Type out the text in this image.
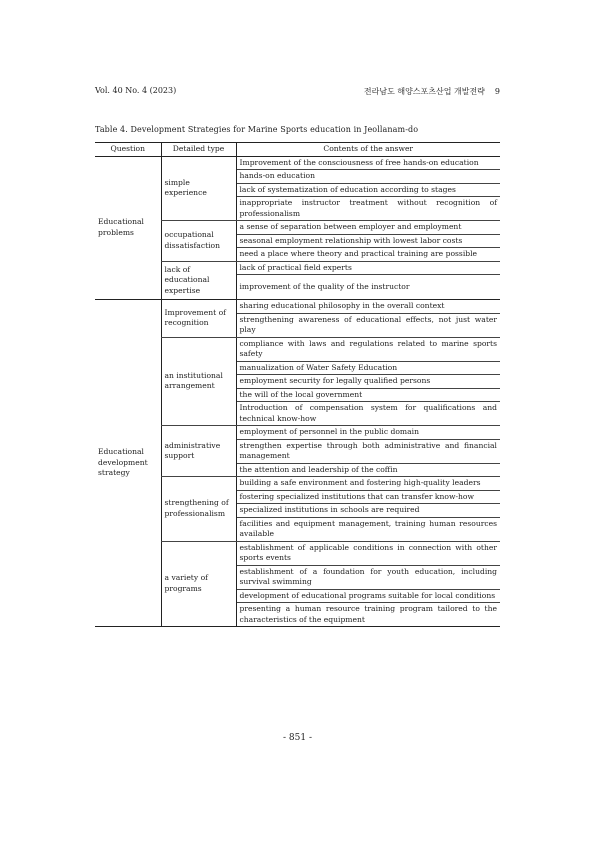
Vol. 40 No. 4 (2023)	전라남도 해양스포츠산업 개발전략 9
Table 4. Development Strategies for Marine Sports education in Jeollanam-do
Question	Detailed type	Contents of the answer
Educational problems	simple experience	Improvement of the consciousness of free hands-on education
		hands-on education
		lack of systematization of education according to stages
		inappropriate instructor treatment without recognition of professionalism
	occupational dissatisfaction	a sense of separation between employer and employment
		seasonal employment relationship with lowest labor costs
		need a place where theory and practical training are possible
	lack of educational expertise	lack of practical field experts
		improvement of the quality of the instructor
Educational development strategy	Improvement of recognition	sharing educational philosophy in the overall context
		strengthening awareness of educational effects, not just water play
	an institutional arrangement	compliance with laws and regulations related to marine sports safety
		manualization of Water Safety Education
		employment security for legally qualified persons
		the will of the local government
		Introduction of compensation system for qualifications and technical know-how
	administrative support	employment of personnel in the public domain
		strengthen expertise through both administrative and financial management
		the attention and leadership of the coffin
	strengthening of professionalism	building a safe environment and fostering high-quality leaders
		fostering specialized institutions that can transfer know-how
		specialized institutions in schools are required
		facilities and equipment management, training human resources available
	a variety of programs	establishment of applicable conditions in connection with other sports events
		establishment of a foundation for youth education, including survival swimming
		development of educational programs suitable for local conditions
		presenting a human resource training program tailored to the characteristics of the equipment
- 851 -
